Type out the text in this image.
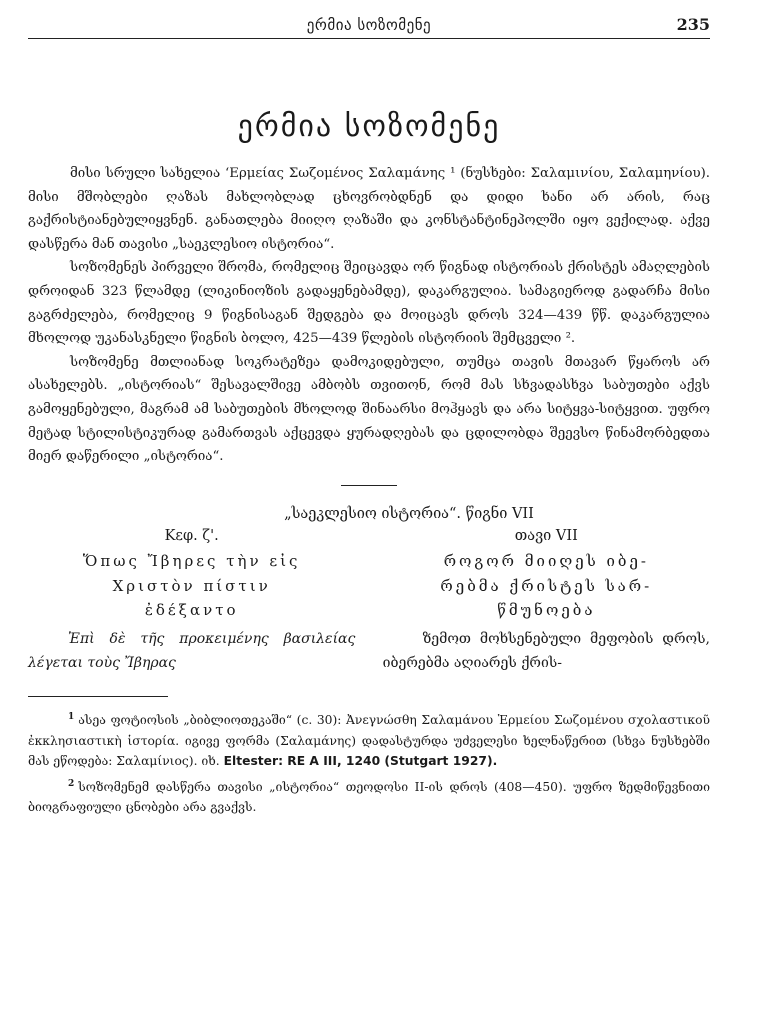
ერმია სოზომენე	235
ერმია სოზომენე

მისი სრული სახელია ‘Ερμείας Σωζομένος Σαλαμάνης ¹ (ნუსხები: Σαλαμινίου, Σαλαμηνίου). მისი მშობლები ღაზას მახლობლად ცხოვრობდნენ და დიდი ხანი არ არის, რაც გაქრისტიანებულიყვნენ. განათლება მიიღო ღაზაში და კონსტანტინეპოლში იყო ვექილად. აქვე დასწერა მან თავისი „საეკლესიო ისტორია“.

სოზომენეს პირველი შრომა, რომელიც შეიცავდა ორ წიგნად ისტორიას ქრისტეს ამაღლების დროიდან 323 წლამდე (ლიკინიოზის გადაყენებამდე), დაკარგულია. სამაგიეროდ გადარჩა მისი გაგრძელება, რომელიც 9 წიგნისაგან შედგება და მოიცავს დროს 324—439 წწ. დაკარგულია მხოლოდ უკანასკნელი წიგნის ბოლო, 425—439 წლების ისტორიის შემცველი ².

სოზომენე მთლიანად სოკრატეზეა დამოკიდებული, თუმცა თავის მთავარ წყაროს არ ასახელებს. „ისტორიას“ შესავალშივე ამბობს თვითონ, რომ მას სხვადასხვა საბუთები აქვს გამოყენებული, მაგრამ ამ საბუთების მხოლოდ შინაარსი მოჰყავს და არა სიტყვა-სიტყვით. უფრო მეტად სტილისტიკურად გამართვას აქცევდა ყურადღებას და ცდილობდა შეევსო წინამორბედთა მიერ დაწერილი „ისტორია“.

„საეკლესიო ისტორია“. წიგნი VII
Κεφ. ζ'.
Ὅπως Ἴβηρες τὴν εἰς
Χριστὸν πίστιν
ἐδέξαντο
Ἐπὶ δὲ τῆς προκειμένης βασιλείας λέγεται τοὺς Ἴβηρας
თავი VII
როგორ მიიღეს იბე-
რებმა ქრისტეს სარ-
წმუნოება
ზემოთ მოხსენებული მეფობის დროს, იბერებმა აღიარეს ქრის-

$^1$ ასეა ფოტიოსის „ბიბლიოთეკაში“ (c. 30): Ἀνεγνώσθη Σαλαμάνου Ἑρμείου Σωζομένου σχολαστικοῦ ἐκκλησιαστικὴ ἱστορία. იგივე ფორმა (Σαλαμάνης) დადასტურდა უძველესი ხელნაწერით (სხვა ნუსხებში მას ეწოდება: Σαλαμίνιος). იხ. Eltester: RE A III, 1240 (Stutgart 1927).

$^2$ სოზომენემ დასწერა თავისი „ისტორია“ თეოდოსი II-ის დროს (408—450). უფრო ზედმიწევნითი ბიოგრაფიული ცნობები არა გვაქვს.
